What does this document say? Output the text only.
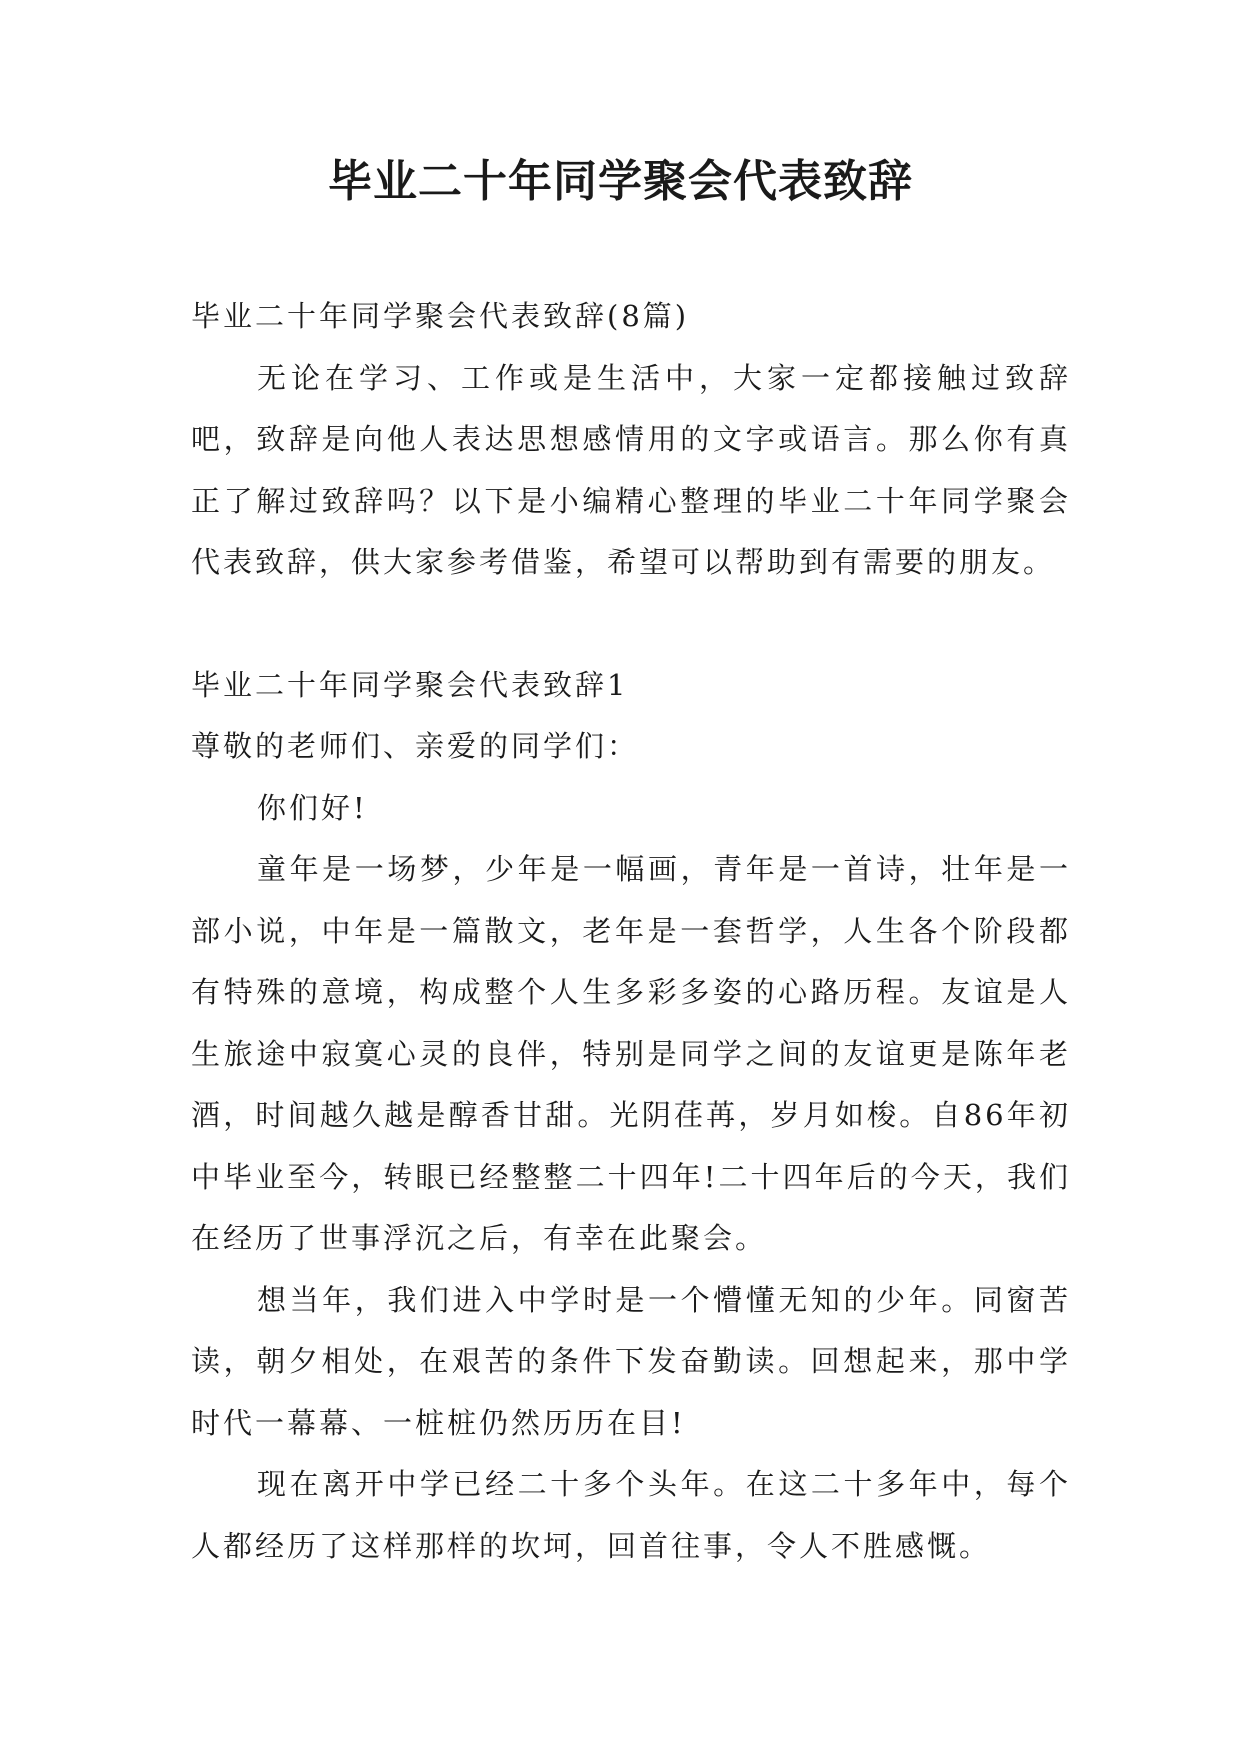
毕业二十年同学聚会代表致辞

毕业二十年同学聚会代表致辞(8篇)

无论在学习、工作或是生活中，大家一定都接触过致辞吧，致辞是向他人表达思想感情用的文字或语言。那么你有真正了解过致辞吗？以下是小编精心整理的毕业二十年同学聚会代表致辞，供大家参考借鉴，希望可以帮助到有需要的朋友。

毕业二十年同学聚会代表致辞1

尊敬的老师们、亲爱的同学们：

你们好!

童年是一场梦，少年是一幅画，青年是一首诗，壮年是一部小说，中年是一篇散文，老年是一套哲学，人生各个阶段都有特殊的意境，构成整个人生多彩多姿的心路历程。友谊是人生旅途中寂寞心灵的良伴，特别是同学之间的友谊更是陈年老酒，时间越久越是醇香甘甜。光阴荏苒，岁月如梭。自86年初中毕业至今，转眼已经整整二十四年!二十四年后的今天，我们在经历了世事浮沉之后，有幸在此聚会。

想当年，我们进入中学时是一个懵懂无知的少年。同窗苦读，朝夕相处，在艰苦的条件下发奋勤读。回想起来，那中学时代一幕幕、一桩桩仍然历历在目!

现在离开中学已经二十多个头年。在这二十多年中，每个人都经历了这样那样的坎坷，回首往事，令人不胜感慨。
